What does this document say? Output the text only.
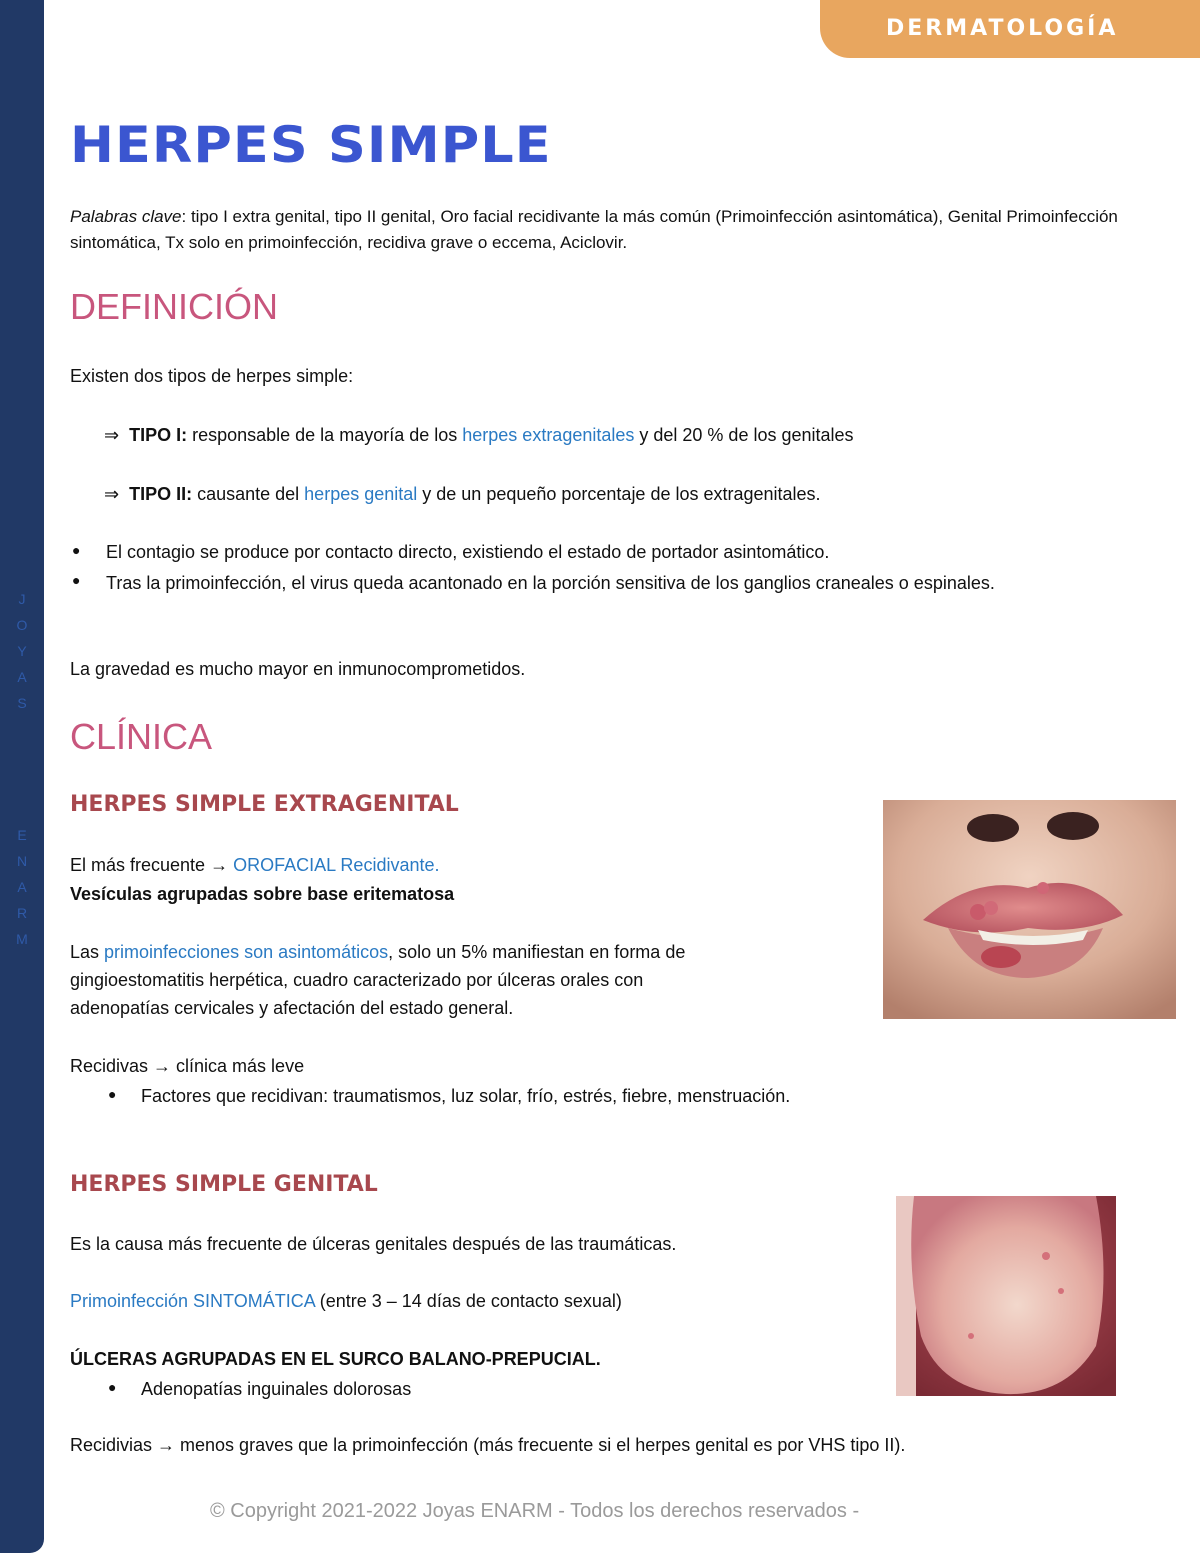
J
O
Y
A
S
E
N
A
R
M
DERMATOLOGÍA
HERPES SIMPLE
Palabras clave: tipo I extra genital, tipo II genital, Oro facial recidivante la más común (Primoinfección asintomática), Genital Primoinfección sintomática, Tx solo en primoinfección, recidiva grave o eccema, Aciclovir.
DEFINICIÓN
Existen dos tipos de herpes simple:
⇒ TIPO I: responsable de la mayoría de los herpes extragenitales y del 20 % de los genitales
⇒ TIPO II: causante del herpes genital y de un pequeño porcentaje de los extragenitales.
● El contagio se produce por contacto directo, existiendo el estado de portador asintomático.
● Tras la primoinfección, el virus queda acantonado en la porción sensitiva de los ganglios craneales o espinales.
La gravedad es mucho mayor en inmunocomprometidos.
CLÍNICA
HERPES SIMPLE EXTRAGENITAL
El más frecuente → OROFACIAL Recidivante.
Vesículas agrupadas sobre base eritematosa
Las primoinfecciones son asintomáticos, solo un 5% manifiestan en forma de
gingioestomatitis herpética, cuadro caracterizado por úlceras orales con
adenopatías cervicales y afectación del estado general.
Recidivas → clínica más leve
● Factores que recidivan: traumatismos, luz solar, frío, estrés, fiebre, menstruación.
HERPES SIMPLE GENITAL
Es la causa más frecuente de úlceras genitales después de las traumáticas.
Primoinfección SINTOMÁTICA (entre 3 – 14 días de contacto sexual)
ÚLCERAS AGRUPADAS EN EL SURCO BALANO-PREPUCIAL.
● Adenopatías inguinales dolorosas
Recidivias → menos graves que la primoinfección (más frecuente si el herpes genital es por VHS tipo II).
© Copyright 2021-2022 Joyas ENARM - Todos los derechos reservados -
